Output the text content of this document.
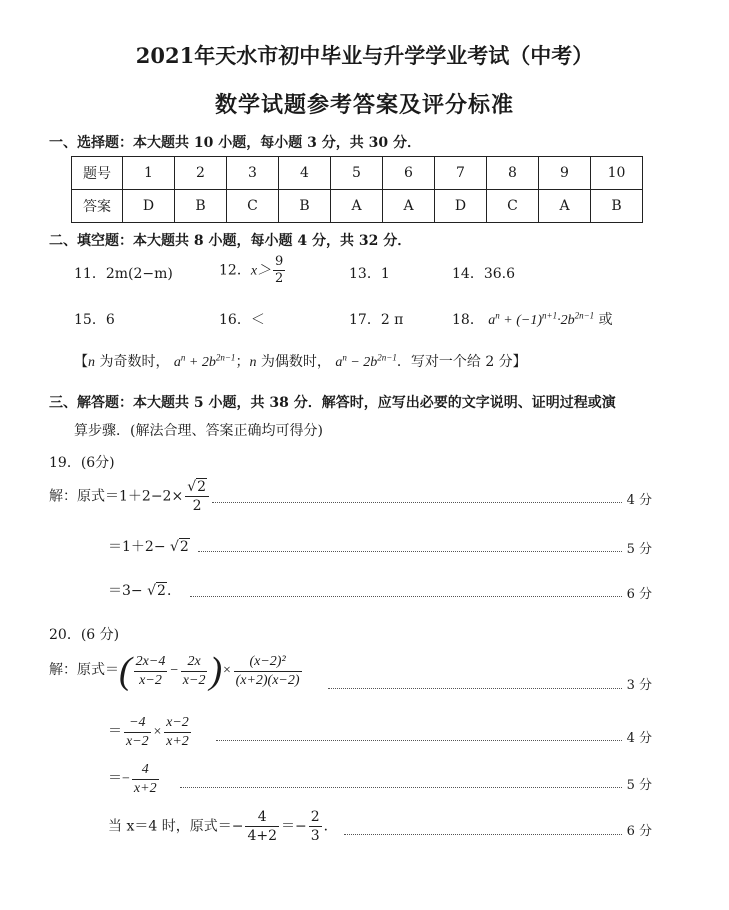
2021年天水市初中毕业与升学学业考试（中考）
数学试题参考答案及评分标准
一、选择题：本大题共 10 小题，每小题 3 分，共 30 分．
题号	1	2	3	4	5	6	7	8	9	10
答案	D	B	C	B	A	A	D	C	A	B
二、填空题：本大题共 8 小题，每小题 4 分，共 32 分．
11．2m(2−m)	12．$x> \frac{9}{2}$	13．1	14．36.6
15．6	16．＜	17．2 π	18． $a^n + (-1)^{n+1}\cdot 2b^{2n-1}$ 或
【n 为奇数时， $a^n + 2b^{2n-1}$；n 为偶数时， $a^n - 2b^{2n-1}$．写对一个给 2 分】
三、解答题：本大题共 5 小题，共 38 分．解答时，应写出必要的文字说明、证明过程或演
算步骤．(解法合理、答案正确均可得分)
19．(6分)
解：原式$=1+2-2\times \frac{√2}{2}$	4 分
＝1＋2− √2	5 分
＝3− √2．	6 分
20．(6 分)
解：原式＝( $\frac{2x-4}{x-2} - \frac{2x}{x-2}$ )× $\frac{\text{(x−2)²}}{(x+2)(x-2)}$	3 分
＝ $\frac{-4}{x-2} \times \frac{x-2}{x+2}$	4 分
＝− $\frac{4}{x+2}$	5 分
当 x＝4 时，原式＝− $\frac{4}{4+2} =- \frac{2}{3}$ ．	6 分
